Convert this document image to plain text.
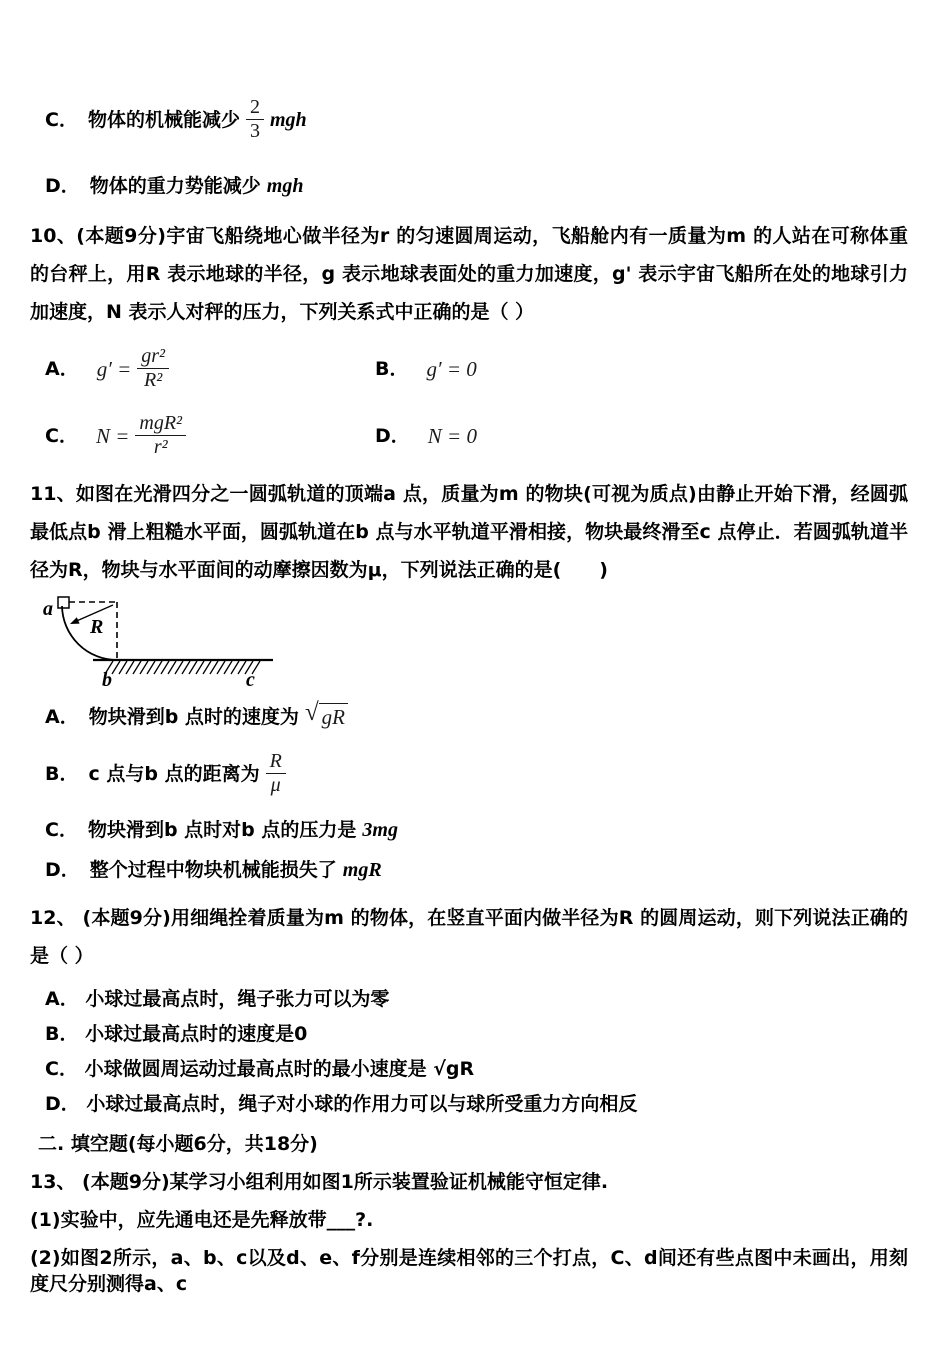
C． 物体的机械能减少 $\frac{2}{3}$ mgh
D． 物体的重力势能减少 mgh
10、(本题9分)宇宙飞船绕地心做半径为r 的匀速圆周运动，飞船舱内有一质量为m 的人站在可称体重的台秤上，用R 表示地球的半径，g 表示地球表面处的重力加速度，g' 表示宇宙飞船所在处的地球引力加速度，N 表示人对秤的压力，下列关系式中正确的是（ ）
A． $g' = \frac{\text{gr²}}{\text{R²}}$	B． g′ = 0
C． $N = \frac{\text{mgR²}}{\text{r²}}$	D． N = 0
11、如图在光滑四分之一圆弧轨道的顶端a 点，质量为m 的物块(可视为质点)由静止开始下滑，经圆弧最低点b 滑上粗糙水平面，圆弧轨道在b 点与水平轨道平滑相接，物块最终滑至c 点停止．若圆弧轨道半径为R，物块与水平面间的动摩擦因数为μ，下列说法正确的是(　　)
a
R
b	c
A． 物块滑到b 点时的速度为 √ gR
B． c 点与b 点的距离为 $\frac{R}{\mu}$
C． 物块滑到b 点时对b 点的压力是 3mg
D． 整个过程中物块机械能损失了 mgR
12、 (本题9分)用细绳拴着质量为m 的物体，在竖直平面内做半径为R 的圆周运动，则下列说法正确的是（ ）
A． 小球过最高点时，绳子张力可以为零
B． 小球过最高点时的速度是0
C． 小球做圆周运动过最高点时的最小速度是 √gR
D． 小球过最高点时，绳子对小球的作用力可以与球所受重力方向相反
二. 填空题(每小题6分，共18分)
13、 (本题9分)某学习小组利用如图1所示装置验证机械能守恒定律.
(1)实验中，应先通电还是先释放带___?.
(2)如图2所示，a、b、c以及d、e、f分别是连续相邻的三个打点，C、d间还有些点图中未画出，用刻度尺分别测得a、c
